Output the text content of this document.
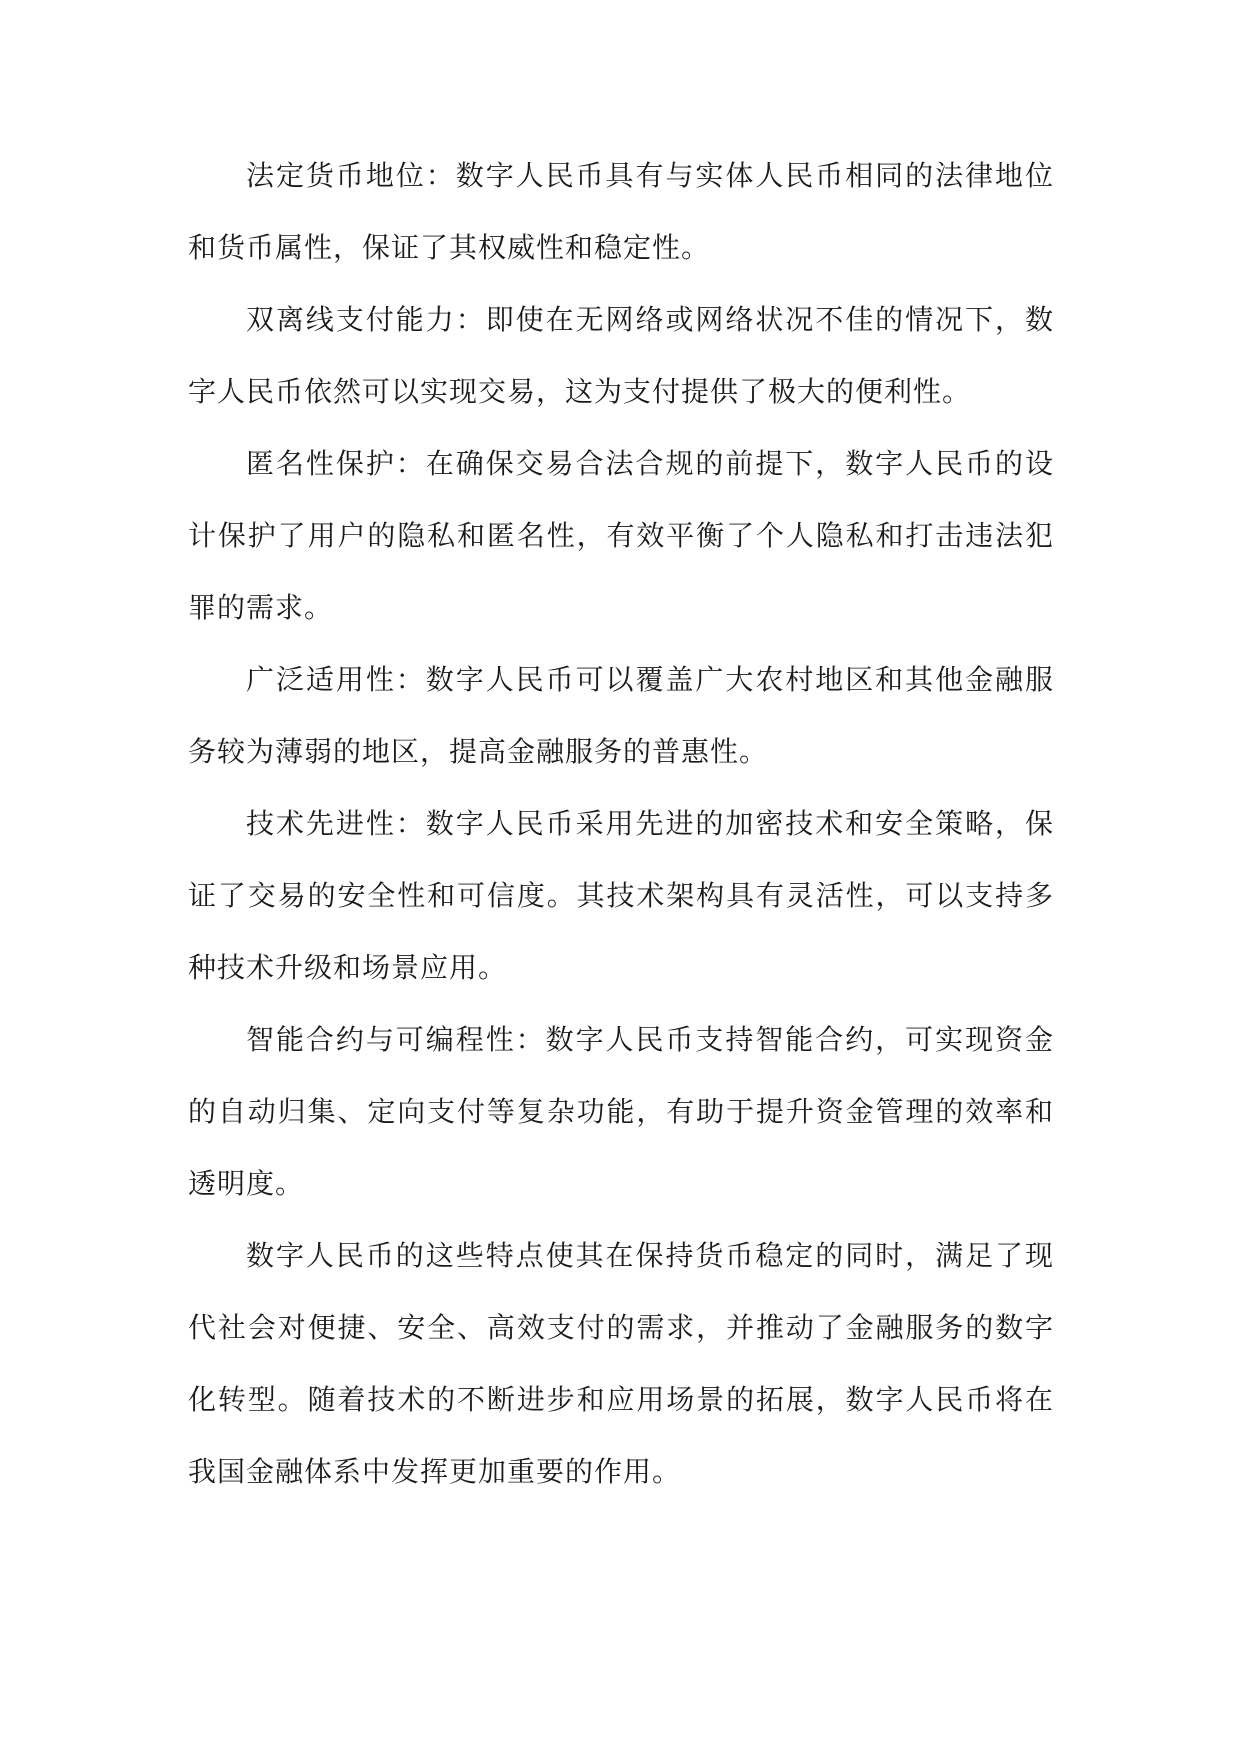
法定货币地位：数字人民币具有与实体人民币相同的法律地位和货币属性，保证了其权威性和稳定性。

双离线支付能力：即使在无网络或网络状况不佳的情况下，数字人民币依然可以实现交易，这为支付提供了极大的便利性。

匿名性保护：在确保交易合法合规的前提下，数字人民币的设计保护了用户的隐私和匿名性，有效平衡了个人隐私和打击违法犯罪的需求。

广泛适用性：数字人民币可以覆盖广大农村地区和其他金融服务较为薄弱的地区，提高金融服务的普惠性。

技术先进性：数字人民币采用先进的加密技术和安全策略，保证了交易的安全性和可信度。其技术架构具有灵活性，可以支持多种技术升级和场景应用。

智能合约与可编程性：数字人民币支持智能合约，可实现资金的自动归集、定向支付等复杂功能，有助于提升资金管理的效率和透明度。

数字人民币的这些特点使其在保持货币稳定的同时，满足了现代社会对便捷、安全、高效支付的需求，并推动了金融服务的数字化转型。随着技术的不断进步和应用场景的拓展，数字人民币将在我国金融体系中发挥更加重要的作用。
